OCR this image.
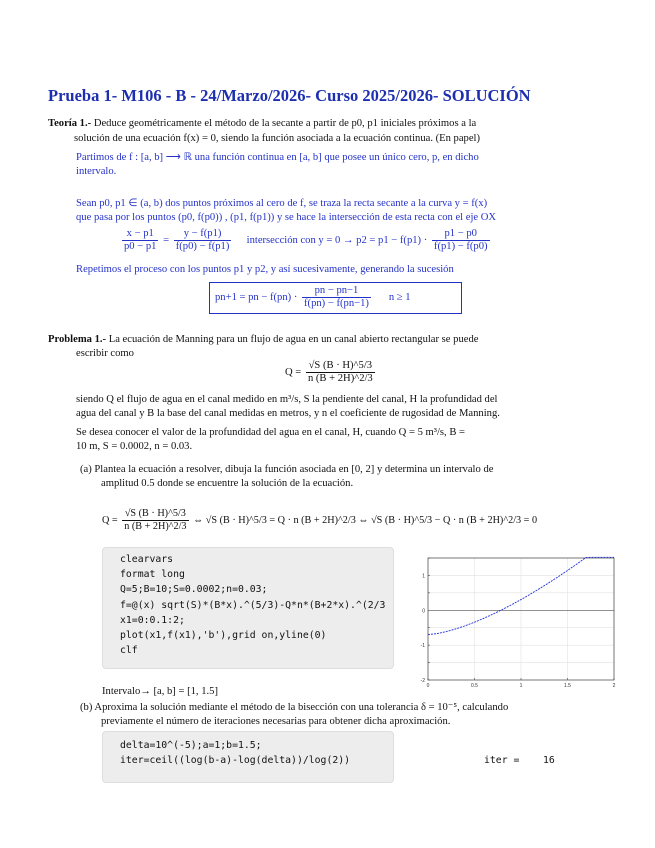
Prueba 1- M106 - B - 24/Marzo/2026- Curso 2025/2026- SOLUCIÓN
Teoría 1.- Deduce geométricamente el método de la secante a partir de p0, p1 iniciales próximos a la
solución de una ecuación f(x) = 0, siendo la función asociada a la ecuación continua. (En papel)
Partimos de f : [a, b] ⟶ ℝ una función continua en [a, b] que posee un único cero, p, en dicho
intervalo.
Sean p0, p1 ∈ (a, b) dos puntos próximos al cero de f, se traza la recta secante a la curva y = f(x)
que pasa por los puntos (p0, f(p0)) , (p1, f(p1)) y se hace la intersección de esta recta con el eje OX
$\frac{x - p1}{p0 - p1} = \frac{y - f(p1)}{f(p0) - f(p1)}$ intersección con $y = 0 \to p2 = p1 - f(p1) \cdot \frac{p1 - p0}{f(p1) - f(p0)}$
Repetimos el proceso con los puntos p1 y p2, y así sucesivamente, generando la sucesión
pn+1 = pn − $f(pn) \cdot \frac{pn - pn-1}{f(pn) - f(pn-1)}$ n ≥ 1
Problema 1.- La ecuación de Manning para un flujo de agua en un canal abierto rectangular se puede
escribir como
$Q = \frac{√S (B \cdot H)\^{}5/3}{n (B + 2H)\^{}2/3}$
siendo Q el flujo de agua en el canal medido en m³/s, S la pendiente del canal, H la profundidad del
agua del canal y B la base del canal medidas en metros, y n el coeficiente de rugosidad de Manning.
Se desea conocer el valor de la profundidad del agua en el canal, H, cuando Q = 5 m³/s, B =
10 m, S = 0.0002, n = 0.03.
(a) Plantea la ecuación a resolver, dibuja la función asociada en [0, 2] y determina un intervalo de
amplitud 0.5 donde se encuentre la solución de la ecuación.
$Q = \frac{√S (B \cdot H)\^{}5/3}{n (B + 2H)\^{}2/3}$ ⇔ √S (B · H)^5/3 = Q · n (B + 2H)^2/3 ⇔ √S (B · H)^5/3 − Q · n (B + 2H)^2/3 = 0
clearvars
format long
Q=5;B=10;S=0.0002;n=0.03;
f=@(x) sqrt(S)*(B*x).^(5/3)-Q*n*(B+2*x).^(2/3
x1=0:0.1:2;
plot(x1,f(x1),'b'),grid on,yline(0)
clf
0	0.5	1	1.5	2
-2
-1
0
1
Intervalo→ [a, b] = [1, 1.5]
(b) Aproxima la solución mediante el método de la bisección con una tolerancia δ = 10⁻⁵, calculando
previamente el número de iteraciones necesarias para obtener dicha aproximación.
delta=10^(-5);a=1;b=1.5;
iter=ceil((log(b-a)-log(delta))/log(2))	iter =    16
